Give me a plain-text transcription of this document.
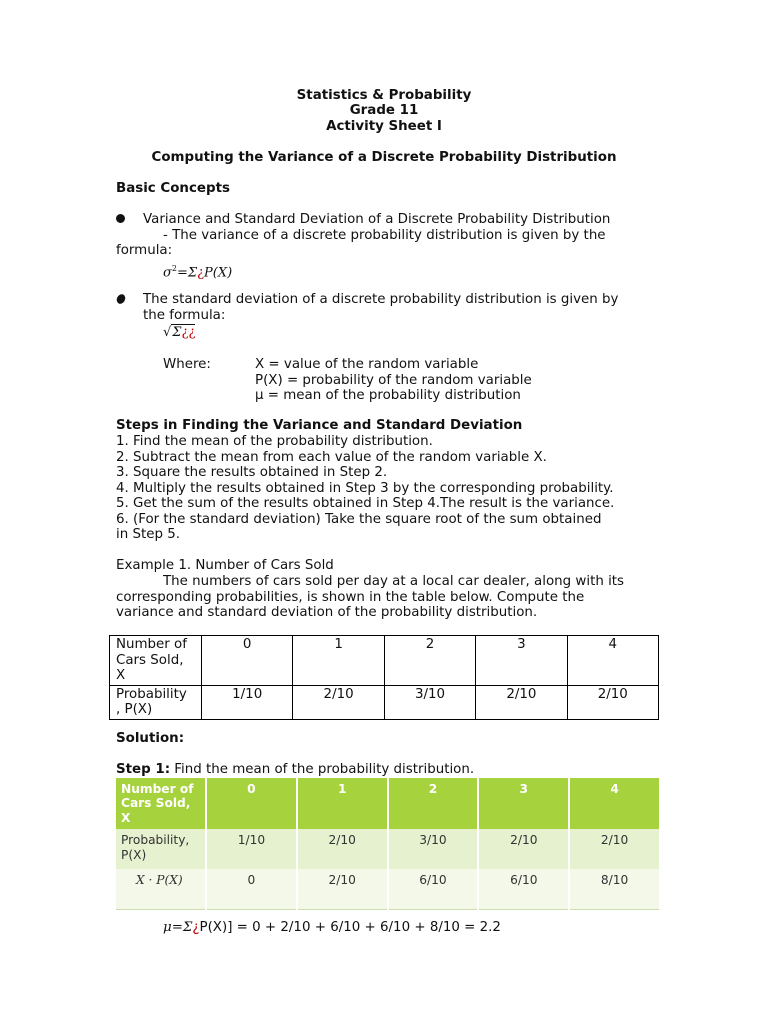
Statistics & Probability
Grade 11
Activity Sheet I
Computing the Variance of a Discrete Probability Distribution
Basic Concepts
Variance and Standard Deviation of a Discrete Probability Distribution
- The variance of a discrete probability distribution is given by the
formula:
$\sigma^2=\Sigma¿P(X)$
The standard deviation of a discrete probability distribution is given by
the formula:
√Σ¿¿
Where:	X = value of the random variable
P(X) = probability of the random variable
μ = mean of the probability distribution
Steps in Finding the Variance and Standard Deviation
1. Find the mean of the probability distribution.
2. Subtract the mean from each value of the random variable X.
3. Square the results obtained in Step 2.
4. Multiply the results obtained in Step 3 by the corresponding probability.
5. Get the sum of the results obtained in Step 4.The result is the variance.
6. (For the standard deviation) Take the square root of the sum obtained
in Step 5.
Example 1. Number of Cars Sold
The numbers of cars sold per day at a local car dealer, along with its
corresponding probabilities, is shown in the table below. Compute the
variance and standard deviation of the probability distribution.
Number of
Cars Sold,
X	0	1	2	3	4

Probability
, P(X)	1/10	2/10	3/10	2/10	2/10
Solution:
Step 1: Find the mean of the probability distribution.
Number of
Cars Sold, X	0	1	2	3	4

Probability,
P(X)	1/10	2/10	3/10	2/10	2/10
X · P(X)	0	2/10	6/10	6/10	8/10
μ=Σ¿P(X)] = 0 + 2/10 + 6/10 + 6/10 + 8/10 = 2.2
